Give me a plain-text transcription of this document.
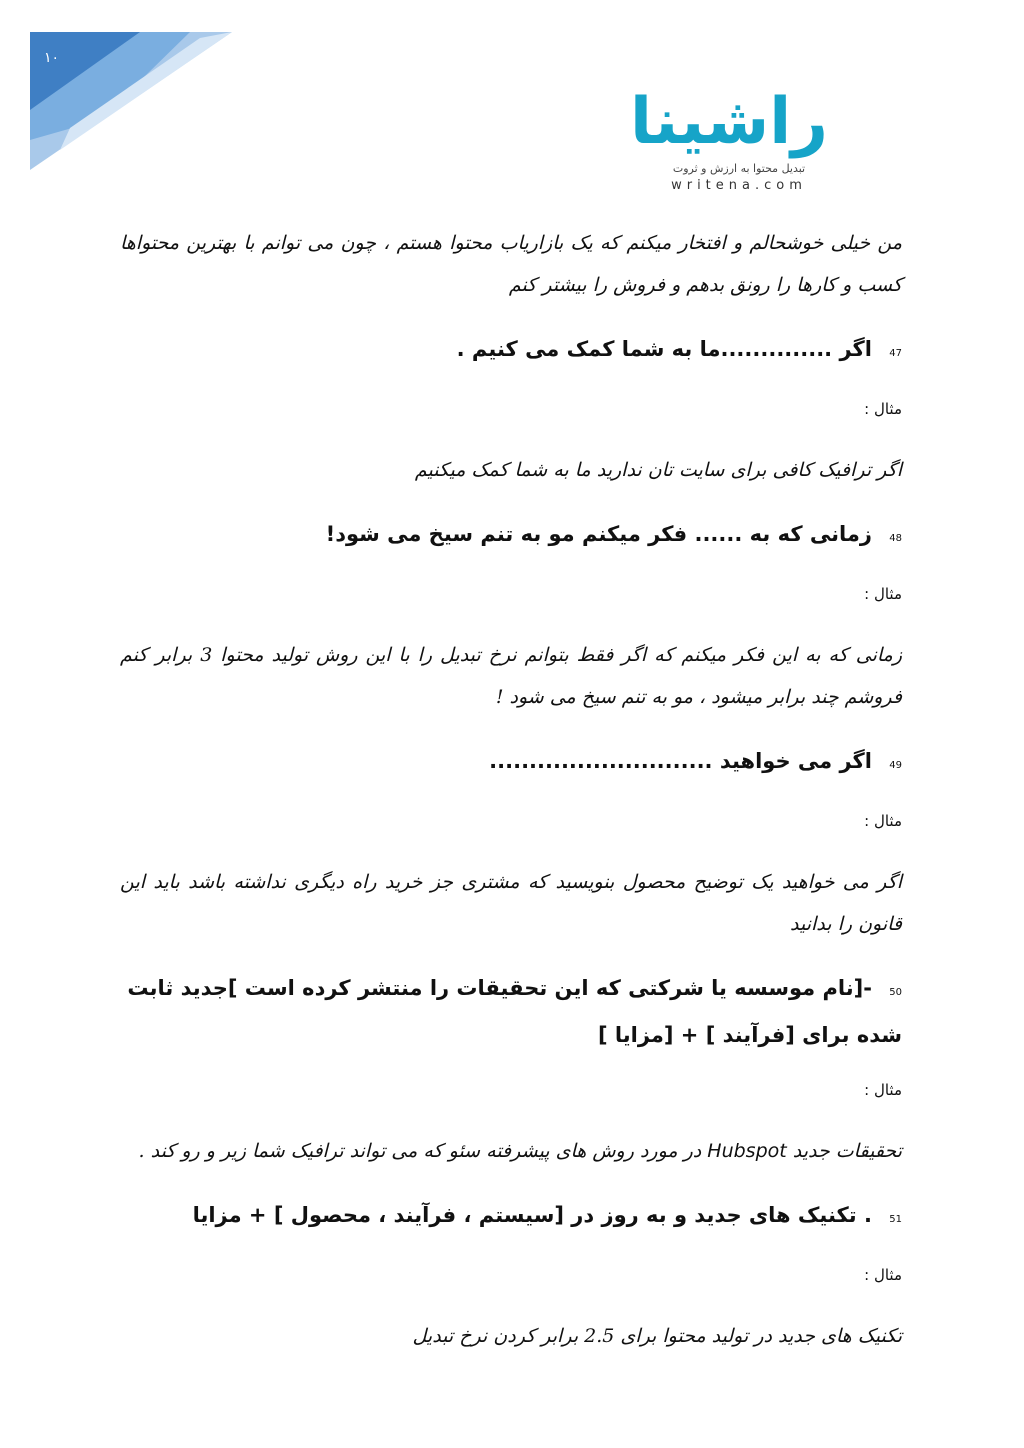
۱۰
راشینا
تبدیل محتوا به ارزش و ثروت
writena.com

من خیلی خوشحالم و افتخار میکنم که یک بازاریاب محتوا هستم ، چون می توانم با بهترین محتواها کسب و کارها را رونق بدهم و فروش را بیشتر کنم

47 اگر ..............ما به شما کمک می کنیم .

مثال :

اگر ترافیک کافی برای سایت تان ندارید ما به شما کمک میکنیم

48 زمانی که به ...... فکر میکنم مو به تنم سیخ می شود!

مثال :

زمانی که به این فکر میکنم که اگر فقط بتوانم نرخ تبدیل را با این روش تولید محتوا 3 برابر کنم فروشم چند برابر میشود ، مو به تنم سیخ می شود !

49 اگر می خواهید ............................

مثال :

اگر می خواهید یک توضیح محصول بنویسید که مشتری جز خرید راه دیگری نداشته باشد باید این قانون را بدانید

50 -[نام موسسه یا شرکتی که این تحقیقات را منتشر کرده است ]جدید ثابت شده برای [فرآیند ] + [مزایا ]

مثال :

تحقیقات جدید Hubspot در مورد روش های پیشرفته سئو که می تواند ترافیک شما زیر و رو کند .

51 . تکنیک های جدید و به روز در [سیستم ، فرآیند ، محصول ] + مزایا

مثال :

تکنیک های جدید در تولید محتوا برای 2.5 برابر کردن نرخ تبدیل
